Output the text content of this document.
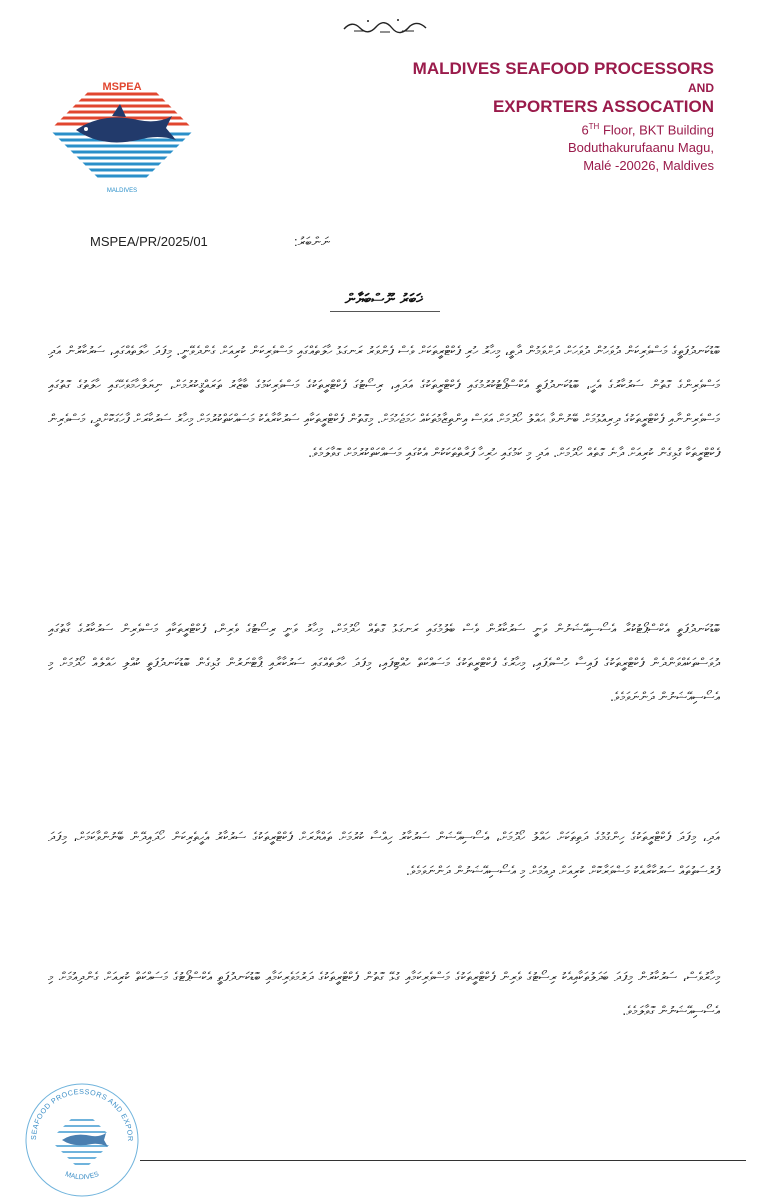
MSPEA
MALDIVES
MALDIVES SEAFOOD PROCESSORS
AND
EXPORTERS ASSOCATION
6TH Floor, BKT Building
Boduthakurufaanu Magu,
Malé -20026, Maldives
MSPEA/PR/2025/01	ނަންބަރު:
ޚަބަރު ނޫސްބަޔާން
ބޮޑުކަނދުފަތީގެ މަސްވެރިކަން ދުވަހުން ދުވަހަށް ދަށްވަމުން ދާތީ، މިހާރު ހުރި ފެކްޓްރީތަކަށް ވެސް ފެންވަރު ރަނގަޅު ހާލަތެއްގައި މަސްވެރިކަން ކުރިއަށް ގެންދެވޭނީ. މިފަދަ ހާލަތެއްގައި، ސަރުކާރުން އަދި މަސްވެރިންގެ ގޮތުން ސަރުކާރުގެ އެހީ، ބޮޑުކަނދުފަތީ އެކްސްޕޯޓުކުރުމުގައި ފެކްޓްރީތަކުގެ އަދައި، ރިސޯޓުގަ ފެކްޓްރީތަކުގެ މަސްވެރިކަމުގެ ބާޒާރު ތަރައްޤީކުރުމަށް، ނިޔަލާހާމަވެހޭގައި ހާލަތުގެ ގޮތުގައި މަސްވެރިންނާއި ފެކްޓްރީތަކުގެ ދިރިއުޅުމަށް ބޭނުންވާ ޙައްލު ހޯދުމަށް އަވަސް އިންތިޒާމުތަކެއް ހަމަޖެހުމަށް. މިގޮތުން ފެކްޓްރީތަކާއި ސަރުކާރާއެކު މަސައްކަތްކުރުމަށް މިހާރު ސަރުކާރަށް ފާހަގަކޮށްދީ، މަސްވެރިން ފެކްޓްރީތަކާ ގުޅިގެން ކުރިއަށް ދާނެ ގޮތެއް ހޯދުމަށް. އަދި މި ކަމުގައި ހުރިހާ ފަރާތްތަކަކުން އެކުގައި މަސައްކަތްކުރުމަށް ގޮވާލަމެވެ.
ބޮޑުކަނދުފަތީ އެކްސްޕޯޓުކުރާ އެސޯސިއޭޝަނުން ވަނީ ސަރުކާރުން ވެސް ބެލުމުގައި ރަނގަޅު ގޮތެއް ހޯދުމަށް، މިހާރު ވަނީ ރިސޯޓުގެ ވެރިން، ފެކްޓްރީތަކާއި މަސްވެރިން ސަރުކާރުގެ ގާތުގައި ދުވަސްތަކެއްވަންދެން ފެކްޓްރީތަކުގެ ފައިސާ ހުސްވެފައި، މިހާރުގެ ފެކްޓްރީތަކުގެ މަސައްކަތް ހުއްޓިފައި، މިފަދަ ހާލަތެއްގައި ސަރުކާރާއި ޕާޓްނަރުން ގުޅިގެން ބޮޑުކަނދުފަތީ ކުއްލި ހައްލެއް ހޯދުމަށް މި އެސޯސިއޭޝަނުން ދަންނަވަމެވެ.
އަދި، މިފަދަ ފެކްޓްރީތަކުގެ ހިންގުމުގެ ދަތިތަކަށް ހައްލު ހޯދުމަށް، އެސޯސިއޭޝަން ސަރުކާރު ހިއްސާ ކުރުމަށް ތައްޔާރަށް ފެކްޓްރީތަކުގެ ސަރުކާރު އެހީތެރިކަން ހޯދައިދޭން ބޭނުންވާކަމަށް، މިފަދަ ފުރުސަތުތައް ސަރުކާރާއެކު މަޝްވަރާކޮށް ކުރިއަށް ދިއުމަށް މި އެސޯސިއޭޝަނުން ދަންނަވަމެވެ.
މިހާރުވެސް، ސަރުކާރުން މިފަދަ ބަދަލުތަކާއިއެކު ރިސޯޓުގެ ވެރިން ފެކްޓްރީތަކުގެ މަސްވެރިކަމާއި ގުޅޭ ގޮތުން ފެކްޓްރީތަކުގެ ދަރުމަވެރިކަމާއި ބޮޑުކަނދުފަތީ އެކްސްޕޯޓުގެ މަސައްކަތް ކުރިއަށް ގެންދިއުމަށް މި އެސޯސިއޭޝަނުން ގޮވާލަމެވެ.
SEAFOOD PROCESSORS AND EXPOR
MALDIVES
